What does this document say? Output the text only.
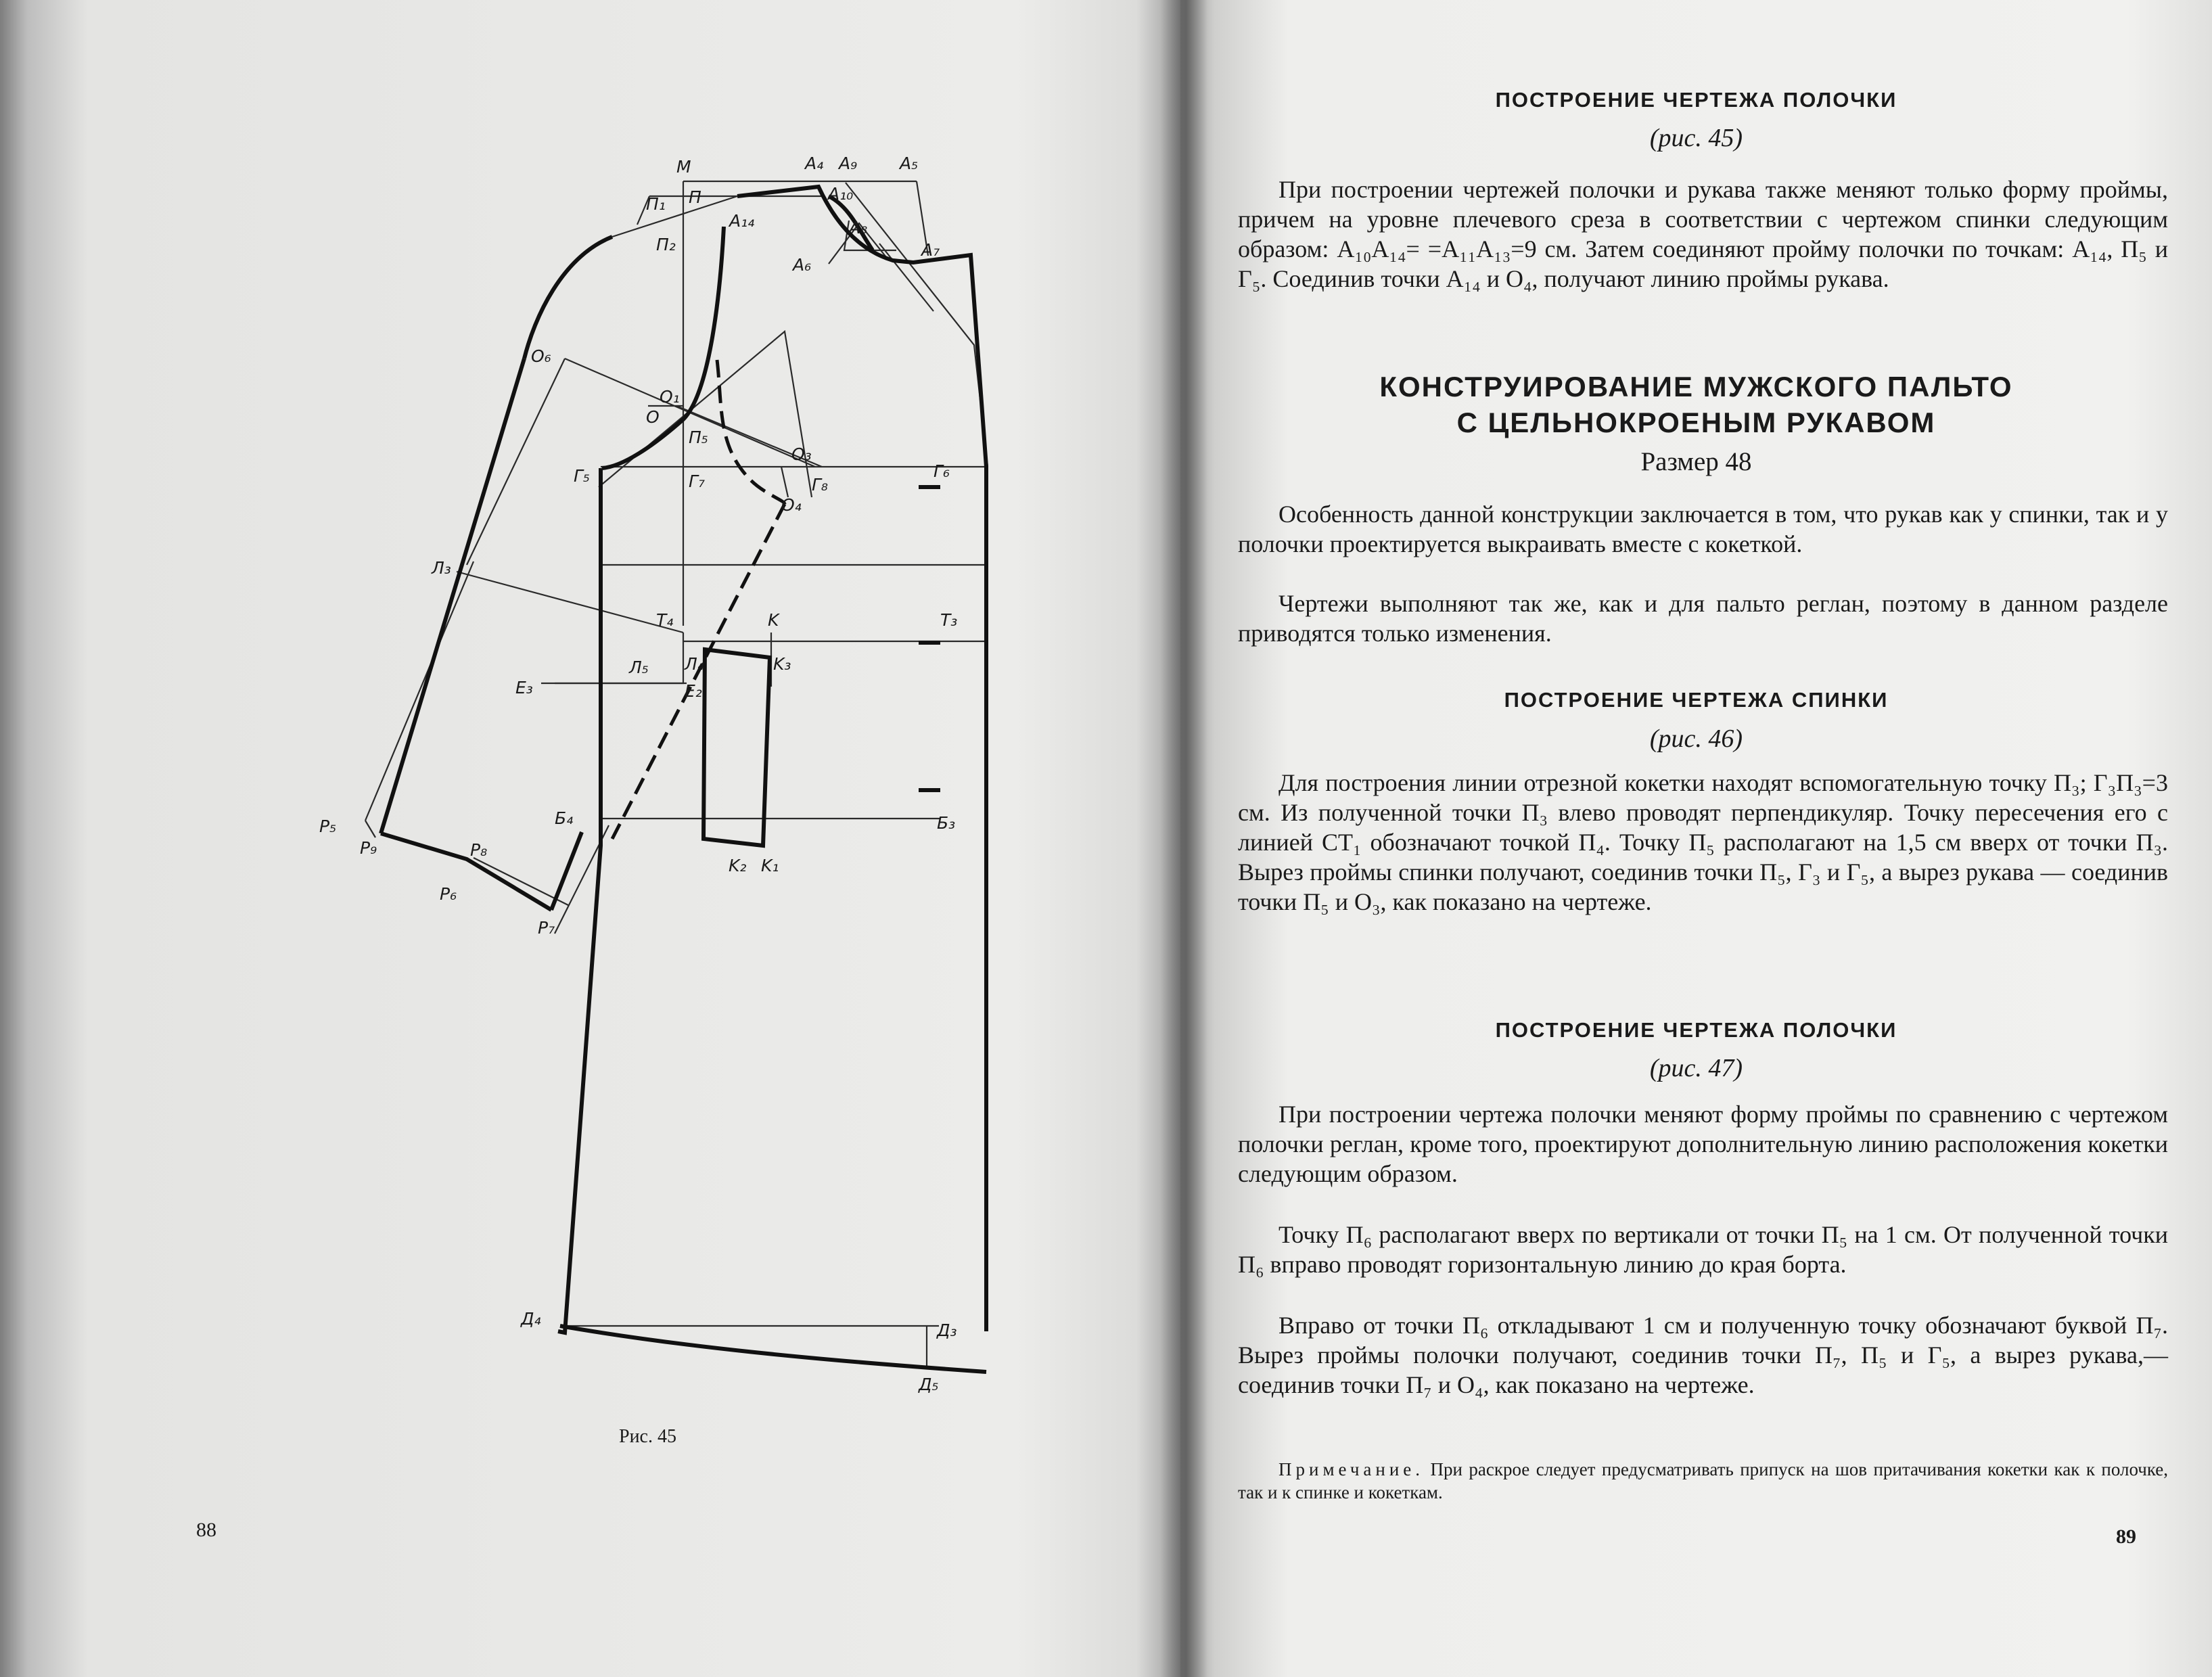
M	A₄ A₉	A₅
A₁₀
A₁₄	A₈
A₆
A₇
П₁ П
П₂
O₆
O₁
O
П₅
O₃
Г₆
Г₅	Г₇	Г₈
O₄
Л₃
Т₄	K	Т₃
Л₅ Л₄	K₃
E₃	E₂
Р₅
Р₉	Р₈
Б₄	Б₃
Р₆
K₂ K₁
Р₇
Д₄
Д₃
Д₅
Рис. 45
88
ПОСТРОЕНИЕ ЧЕРТЕЖА ПОЛОЧКИ
(рис. 45)

При построении чертежей полочки и рукава также меняют только форму проймы, причем на уровне плечевого среза в соответствии с чертежом спинки следующим образом: A₁₀A₁₄= =A₁₁A₁₃=9 см. Затем соединяют пройму полочки по точкам: A₁₄, П₅ и Г₅. Соединив точки A₁₄ и O₄, получают линию проймы рукава.

КОНСТРУИРОВАНИЕ МУЖСКОГО ПАЛЬТО
С ЦЕЛЬНОКРОЕНЫМ РУКАВОМ
Размер 48

Особенность данной конструкции заключается в том, что рукав как у спинки, так и у полочки проектируется выкраивать вместе с кокеткой.

Чертежи выполняют так же, как и для пальто реглан, поэтому в данном разделе приводятся только изменения.

ПОСТРОЕНИЕ ЧЕРТЕЖА СПИНКИ
(рис. 46)

Для построения линии отрезной кокетки находят вспомогательную точку П₃; Г₃П₃=3 см. Из полученной точки П₃ влево проводят перпендикуляр. Точку пересечения его с линией СТ₁ обозначают точкой П₄. Точку П₅ располагают на 1,5 см вверх от точки П₃. Вырез проймы спинки получают, соединив точки П₅, Г₃ и Г₅, а вырез рукава — соединив точки П₅ и O₃, как показано на чертеже.

ПОСТРОЕНИЕ ЧЕРТЕЖА ПОЛОЧКИ
(рис. 47)

При построении чертежа полочки меняют форму проймы по сравнению с чертежом полочки реглан, кроме того, проектируют дополнительную линию расположения кокетки следующим образом.

Точку П₆ располагают вверх по вертикали от точки П₅ на 1 см. От полученной точки П₆ вправо проводят горизонтальную линию до края борта.

Вправо от точки П₆ откладывают 1 см и полученную точку обозначают буквой П₇. Вырез проймы полочки получают, соединив точки П₇, П₅ и Г₅, а вырез рукава,— соединив точки П₇ и O₄, как показано на чертеже.

Примечание. При раскрое следует предусматривать припуск на шов притачивания кокетки как к полочке, так и к спинке и кокеткам.

89
